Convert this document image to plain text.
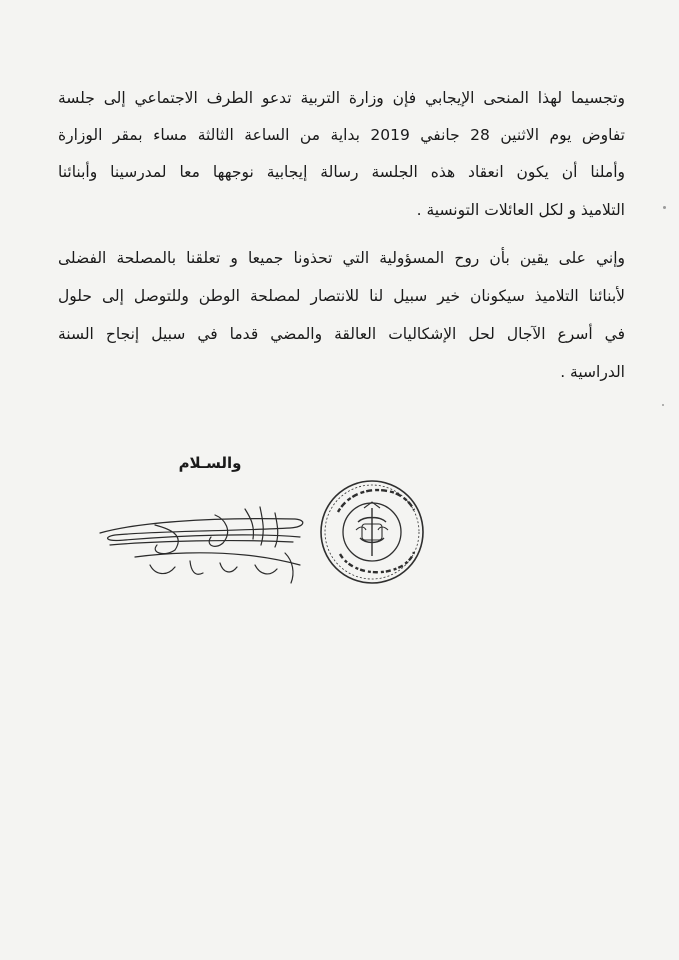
وتجسيما لهذا المنحى الإيجابي فإن وزارة التربية تدعو الطرف الاجتماعي إلى جلسة
تفاوض يوم الاثنين 28 جانفي 2019 بداية من الساعة الثالثة مساء بمقر الوزارة
وأملنا أن يكون انعقاد هذه الجلسة رسالة إيجابية نوجهها معا لمدرسينا وأبنائنا
التلاميذ و لكل العائلات التونسية .
وإني على يقين بأن روح المسؤولية التي تحذونا جميعا و تعلقنا بالمصلحة الفضلى
لأبنائنا التلاميذ سيكونان خير سبيل لنا للانتصار لمصلحة الوطن وللتوصل إلى حلول
في أسرع الآجال لحل الإشكاليات العالقة والمضي قدما في سبيل إنجاح السنة
الدراسية .
والسـلام
